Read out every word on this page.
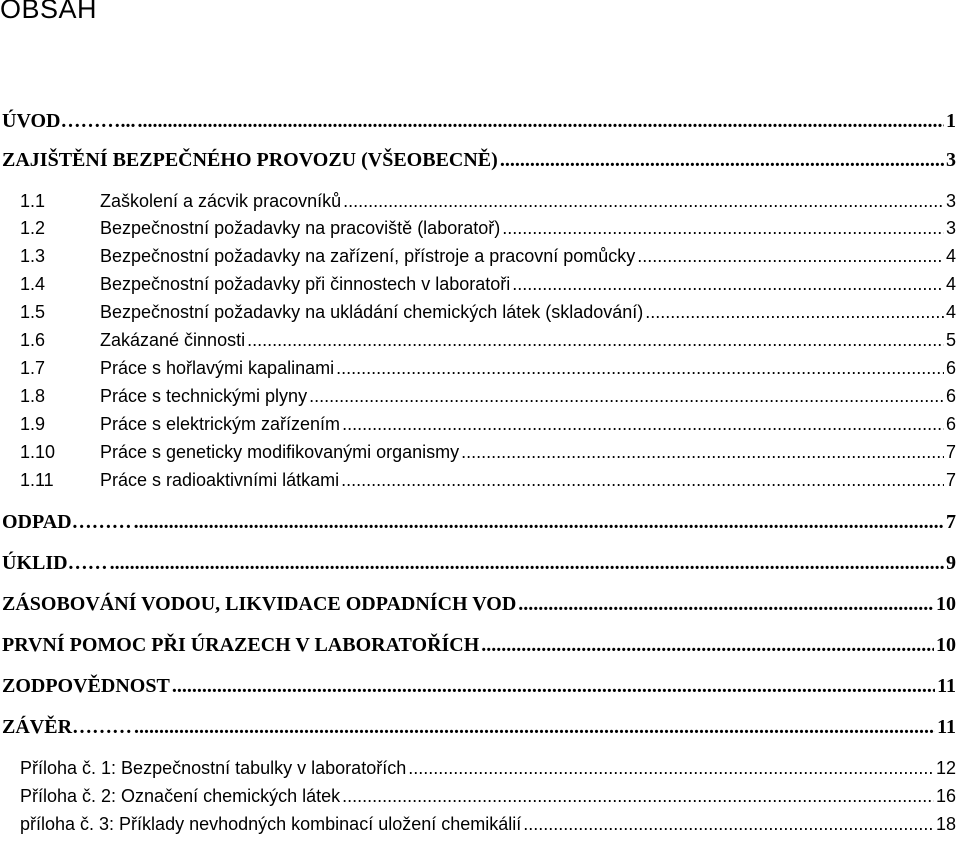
OBSAH
ÚVOD………... .....	1
ZAJIŠTĚNÍ BEZPEČNÉHO PROVOZU (VŠEOBECNĚ) .....	3
1.1	Zaškolení a zácvik pracovníků .....	3
1.2	Bezpečnostní požadavky na pracoviště (laboratoř) .....	3
1.3	Bezpečnostní požadavky na zařízení, přístroje a pracovní pomůcky .....	4
1.4	Bezpečnostní požadavky při činnostech v laboratoři .....	4
1.5	Bezpečnostní požadavky na ukládání chemických látek (skladování) .....	4
1.6	Zakázané činnosti .....	5
1.7	Práce s hořlavými kapalinami .....	6
1.8	Práce s technickými plyny .....	6
1.9	Práce s elektrickým zařízením .....	6
1.10 Práce s geneticky modifikovanými organismy .....	7
1.11	Práce s radioaktivními látkami .....	7
ODPAD……… .....	7
ÚKLID…… .....	9
ZÁSOBOVÁNÍ VODOU, LIKVIDACE ODPADNÍCH VOD .....	10
PRVNÍ POMOC PŘI ÚRAZECH V LABORATOŘÍCH .....	10
ZODPOVĚDNOST .....	11
ZÁVĚR……… .....	11
Příloha č. 1: Bezpečnostní tabulky v laboratořích .....	12
Příloha č. 2: Označení chemických látek .....	16
příloha č. 3: Příklady nevhodných kombinací uložení chemikálií .....	18
